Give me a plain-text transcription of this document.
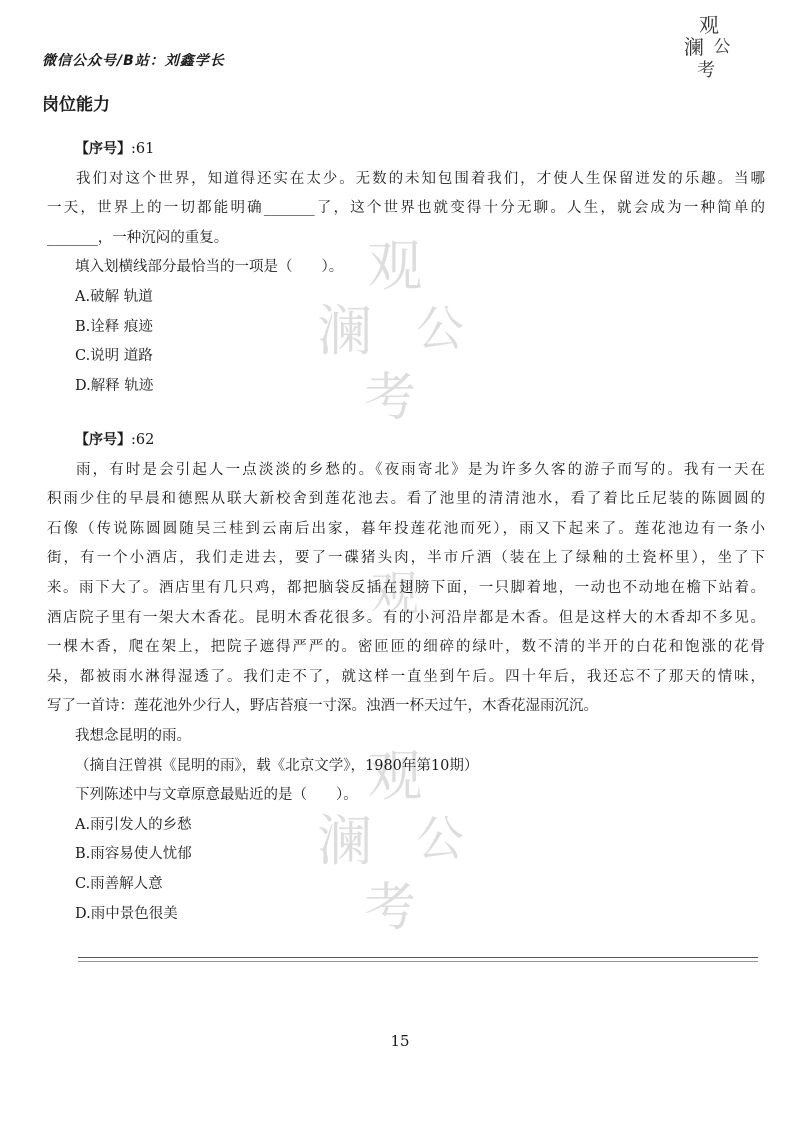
微信公众号/B站：刘鑫学长
观
澜 公
考
观
澜 公
考
观
澜 公
考
观
岗位能力
【序号】:61
我们对这个世界，知道得还实在太少。无数的未知包围着我们，才使人生保留迸发的乐趣。当哪
一天，世界上的一切都能明确_______了，这个世界也就变得十分无聊。人生，就会成为一种简单的
_______，一种沉闷的重复。
填入划横线部分最恰当的一项是（　　）。
A.破解 轨道
B.诠释 痕迹
C.说明 道路
D.解释 轨迹
【序号】:62
雨，有时是会引起人一点淡淡的乡愁的。《夜雨寄北》是为许多久客的游子而写的。我有一天在
积雨少住的早晨和德熙从联大新校舍到莲花池去。看了池里的清清池水，看了着比丘尼装的陈圆圆的
石像（传说陈圆圆随吴三桂到云南后出家，暮年投莲花池而死），雨又下起来了。莲花池边有一条小
街，有一个小酒店，我们走进去，要了一碟猪头肉，半市斤酒（装在上了绿釉的土瓷杯里），坐了下
来。雨下大了。酒店里有几只鸡，都把脑袋反插在翅膀下面，一只脚着地，一动也不动地在檐下站着。
酒店院子里有一架大木香花。昆明木香花很多。有的小河沿岸都是木香。但是这样大的木香却不多见。
一棵木香，爬在架上，把院子遮得严严的。密匝匝的细碎的绿叶，数不清的半开的白花和饱涨的花骨
朵，都被雨水淋得湿透了。我们走不了，就这样一直坐到午后。四十年后，我还忘不了那天的情味，
写了一首诗：莲花池外少行人，野店苔痕一寸深。浊酒一杯天过午，木香花湿雨沉沉。
我想念昆明的雨。
（摘自汪曾祺《昆明的雨》，载《北京文学》，1980年第10期）
下列陈述中与文章原意最贴近的是（　　）。
A.雨引发人的乡愁
B.雨容易使人忧郁
C.雨善解人意
D.雨中景色很美
15
